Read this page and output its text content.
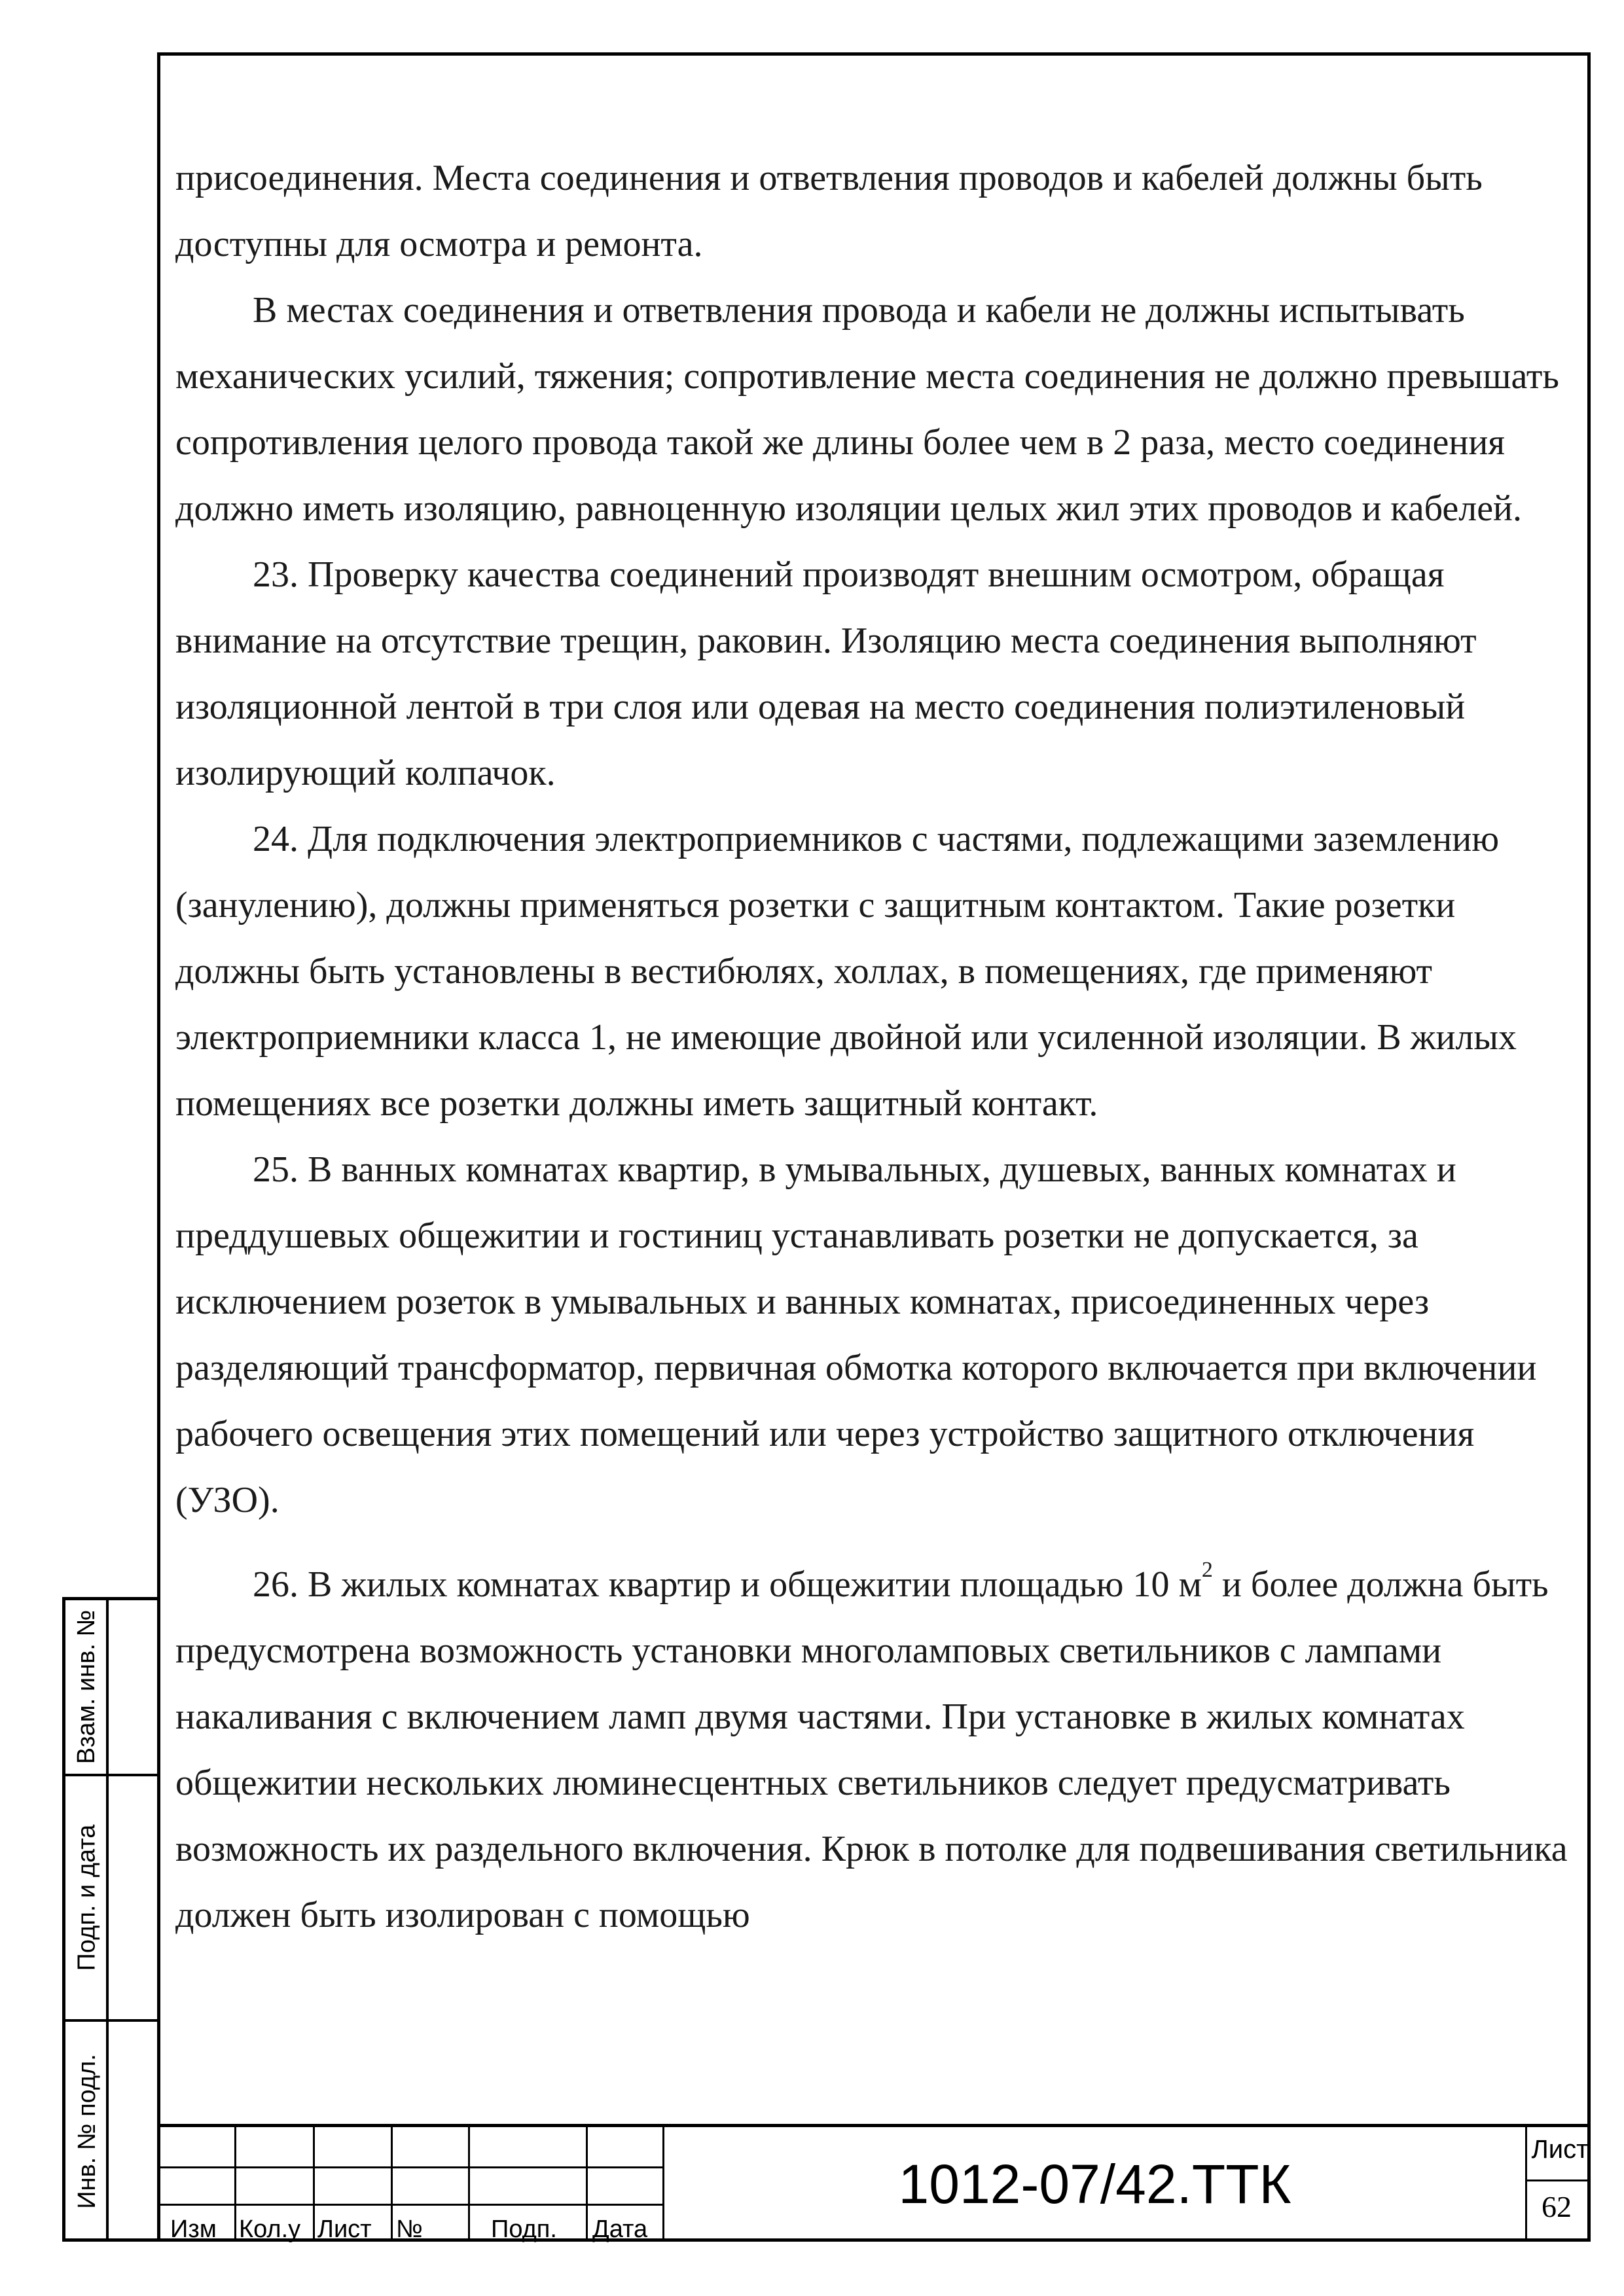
присоединения. Места соединения и ответвления проводов и кабелей должны быть доступны для осмотра и ремонта.

В местах соединения и ответвления провода и кабели не должны испытывать механических усилий, тяжения; сопротивление места соединения не должно превышать сопротивления целого провода такой же длины более чем в 2 раза, место соединения должно иметь изоляцию, равноценную изоляции целых жил этих проводов и кабелей.

23. Проверку качества соединений производят внешним осмотром, обращая внимание на отсутствие трещин, раковин. Изоляцию места соединения выполняют изоляционной лентой в три слоя или одевая на место соединения полиэтиленовый изолирующий колпачок.

24. Для подключения электроприемников с частями, подлежащими заземлению (занулению), должны применяться розетки с защитным контактом. Такие розетки должны быть установлены в вестибюлях, холлах, в помещениях, где применяют электроприемники класса 1, не имеющие двойной или усиленной изоляции. В жилых помещениях все розетки должны иметь защитный контакт.

25. В ванных комнатах квартир, в умывальных, душевых, ванных комнатах и преддушевых общежитии и гостиниц устанавливать розетки не допускается, за исключением розеток в умывальных и ванных комнатах, присоединенных через разделяющий трансформатор, первичная обмотка которого включается при включении рабочего освещения этих помещений или через устройство защитного отключения (УЗО).

26. В жилых комнатах квартир и общежитии площадью 10 $м^2$ и более должна быть предусмотрена возможность установки многоламповых светильников с лампами накаливания с включением ламп двумя частями. При установке в жилых комнатах общежитии нескольких люминесцентных светильников следует предусматривать возможность их раздельного включения. Крюк в потолке для подвешивания светильника должен быть изолирован с помощью

Взам. инв. №
Подп. и дата
Инв. № подл.
Изм Кол.у Лист №	Подп. Дата
1012-07/42.ТТК
Лист
62
